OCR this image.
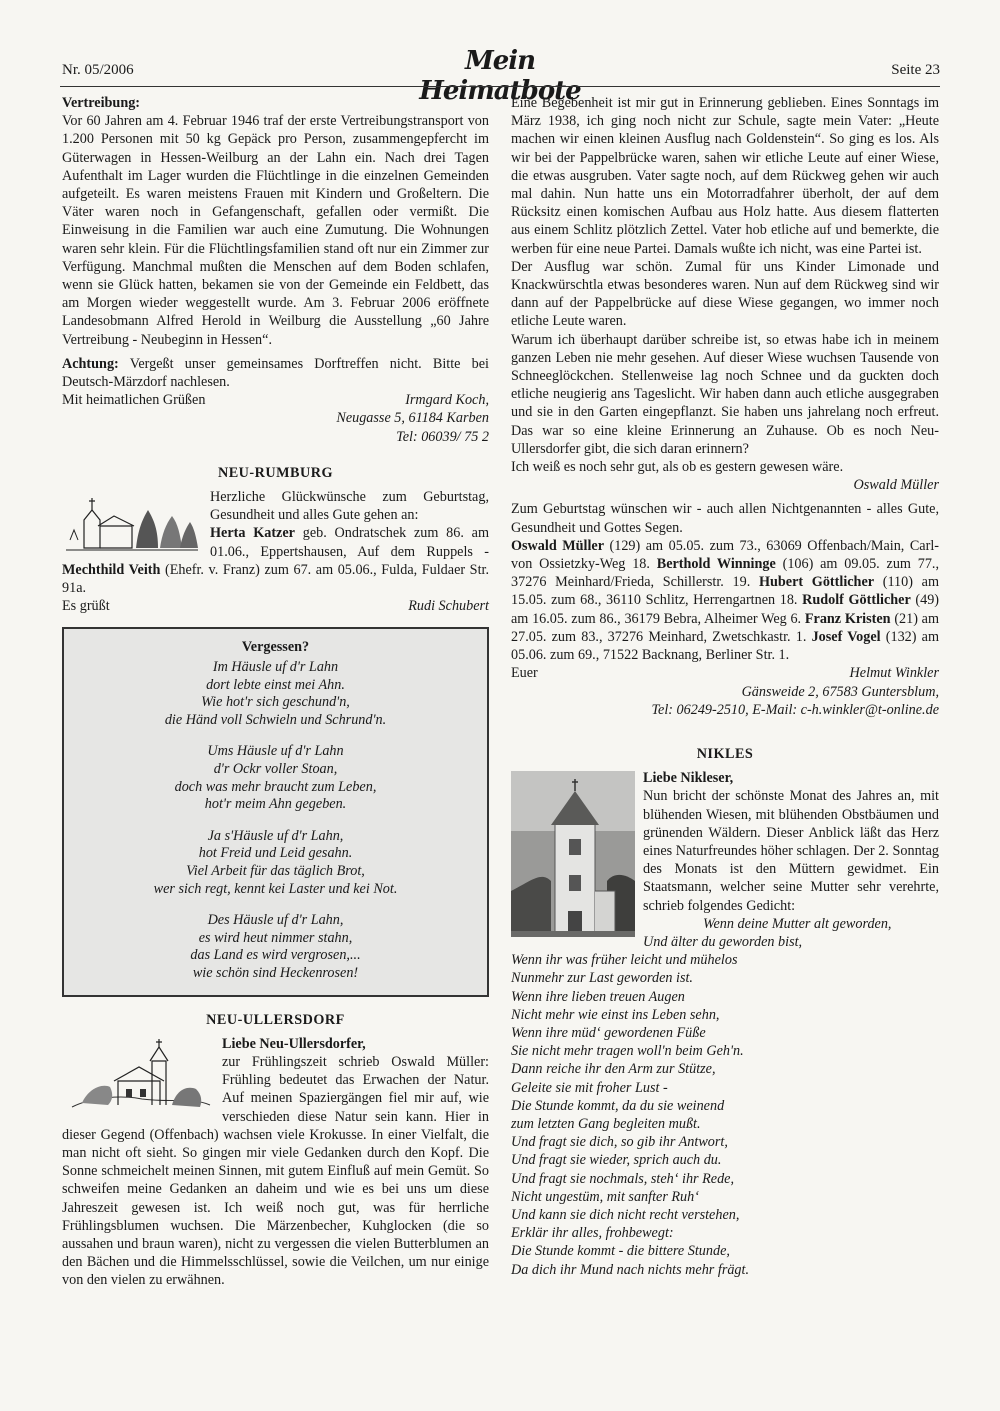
Nr. 05/2006	Mein Heimatbote
Seite 23

Vertreibung:
Vor 60 Jahren am 4. Februar 1946 traf der erste Vertreibungstransport von 1.200 Personen mit 50 kg Gepäck pro Person, zusammengepfercht im Güterwagen in Hessen-Weilburg an der Lahn ein. Nach drei Tagen Aufenthalt im Lager wurden die Flüchtlinge in die einzelnen Gemeinden aufgeteilt. Es waren meistens Frauen mit Kindern und Großeltern. Die Väter waren noch in Gefangenschaft, gefallen oder vermißt. Die Einweisung in die Familien war auch eine Zumutung. Die Wohnungen waren sehr klein. Für die Flüchtlingsfamilien stand oft nur ein Zimmer zur Verfügung. Manchmal mußten die Menschen auf dem Boden schlafen, wenn sie Glück hatten, bekamen sie von der Gemeinde ein Feldbett, das am Morgen wieder weggestellt wurde. Am 3. Februar 2006 eröffnete Landesobmann Alfred Herold in Weilburg die Ausstellung „60 Jahre Vertreibung - Neubeginn in Hessen“.

Achtung: Vergeßt unser gemeinsames Dorftreffen nicht. Bitte bei Deutsch-Märzdorf nachlesen.

Mit heimatlichen Grüßen	Irmgard Koch,
Neugasse 5, 61184 Karben
Tel: 06039/ 75 2
NEU-RUMBURG

Herzliche Glückwünsche zum Geburtstag, Gesundheit und alles Gute gehen an:

Herta Katzer geb. Ondratschek zum 86. am 01.06., Eppertshausen, Auf dem Ruppels - Mechthild Veith (Ehefr. v. Franz) zum 67. am 05.06., Fulda, Fuldaer Str. 91a.

Es grüßt	Rudi Schubert
Vergessen?
Im Häusle uf d'r Lahn
dort lebte einst mei Ahn.
Wie hot'r sich geschund'n,
die Händ voll Schwieln und Schrund'n.
Ums Häusle uf d'r Lahn
d'r Ockr voller Stoan,
doch was mehr braucht zum Leben,
hot'r meim Ahn gegeben.
Ja s'Häusle uf d'r Lahn,
hot Freid und Leid gesahn.
Viel Arbeit für das täglich Brot,
wer sich regt, kennt kei Laster und kei Not.
Des Häusle uf d'r Lahn,
es wird heut nimmer stahn,
das Land es wird vergrosen,...
wie schön sind Heckenrosen!
NEU-ULLERSDORF

Liebe Neu-Ullersdorfer,

zur Frühlingszeit schrieb Oswald Müller: Frühling bedeutet das Erwachen der Natur. Auf meinen Spaziergängen fiel mir auf, wie verschieden diese Natur sein kann. Hier in dieser Gegend (Offenbach) wachsen viele Krokusse. In einer Vielfalt, die man nicht oft sieht. So gingen mir viele Gedanken durch den Kopf. Die Sonne schmeichelt meinen Sinnen, mit gutem Einfluß auf mein Gemüt. So schweifen meine Gedanken an daheim und wie es bei uns um diese Jahreszeit gewesen ist. Ich weiß noch gut, was für herrliche Frühlingsblumen wuchsen. Die Märzenbecher, Kuhglocken (die so aussahen und braun waren), nicht zu vergessen die vielen Butterblumen an den Bächen und die Himmelsschlüssel, sowie die Veilchen, um nur einige von den vielen zu erwähnen.

Eine Begebenheit ist mir gut in Erinnerung geblieben. Eines Sonntags im März 1938, ich ging noch nicht zur Schule, sagte mein Vater: „Heute machen wir einen kleinen Ausflug nach Goldenstein“. So ging es los. Als wir bei der Pappelbrücke waren, sahen wir etliche Leute auf einer Wiese, die etwas ausgruben. Vater sagte noch, auf dem Rückweg gehen wir auch mal dahin. Nun hatte uns ein Motorradfahrer überholt, der auf dem Rücksitz einen komischen Aufbau aus Holz hatte. Aus diesem flatterten aus einem Schlitz plötzlich Zettel. Vater hob etliche auf und bemerkte, die werben für eine neue Partei. Damals wußte ich nicht, was eine Partei ist.

Der Ausflug war schön. Zumal für uns Kinder Limonade und Knackwürschtla etwas besonderes waren. Nun auf dem Rückweg sind wir dann auf der Pappelbrücke auf diese Wiese gegangen, wo immer noch etliche Leute waren.

Warum ich überhaupt darüber schreibe ist, so etwas habe ich in meinem ganzen Leben nie mehr gesehen. Auf dieser Wiese wuchsen Tausende von Schneeglöckchen. Stellenweise lag noch Schnee und da guckten doch etliche neugierig ans Tageslicht. Wir haben dann auch etliche ausgegraben und sie in den Garten eingepflanzt. Sie haben uns jahrelang noch erfreut. Das war so eine kleine Erinnerung an Zuhause. Ob es noch Neu-Ullersdorfer gibt, die sich daran erinnern?

Ich weiß es noch sehr gut, als ob es gestern gewesen wäre.

Oswald Müller

Zum Geburtstag wünschen wir - auch allen Nichtgenannten - alles Gute, Gesundheit und Gottes Segen.

Oswald Müller (129) am 05.05. zum 73., 63069 Offenbach/Main, Carl-von Ossietzky-Weg 18. Berthold Winninge (106) am 09.05. zum 77., 37276 Meinhard/Frieda, Schillerstr. 19. Hubert Göttlicher (110) am 15.05. zum 68., 36110 Schlitz, Herrengartnen 18. Rudolf Göttlicher (49) am 16.05. zum 86., 36179 Bebra, Alheimer Weg 6. Franz Kristen (21) am 27.05. zum 83., 37276 Meinhard, Zwetschkastr. 1. Josef Vogel (132) am 05.06. zum 69., 71522 Backnang, Berliner Str. 1.

Euer	Helmut Winkler
Gänsweide 2, 67583 Guntersblum,
Tel: 06249-2510, E-Mail: c-h.winkler@t-online.de
NIKLES

Liebe Nikleser,

Nun bricht der schönste Monat des Jahres an, mit blühenden Wiesen, mit blühenden Obstbäumen und grünenden Wäldern. Dieser Anblick läßt das Herz eines Naturfreundes höher schlagen. Der 2. Sonntag des Monats ist den Müttern gewidmet. Ein Staatsmann, welcher seine Mutter sehr verehrte, schrieb folgendes Gedicht:

Wenn deine Mutter alt geworden,
Und älter du geworden bist,
Wenn ihr was früher leicht und mühelos
Nunmehr zur Last geworden ist.
Wenn ihre lieben treuen Augen
Nicht mehr wie einst ins Leben sehn,
Wenn ihre müd‘ gewordenen Füße
Sie nicht mehr tragen woll'n beim Geh'n.
Dann reiche ihr den Arm zur Stütze,
Geleite sie mit froher Lust -
Die Stunde kommt, da du sie weinend
zum letzten Gang begleiten mußt.
Und fragt sie dich, so gib ihr Antwort,
Und fragt sie wieder, sprich auch du.
Und fragt sie nochmals, steh‘ ihr Rede,
Nicht ungestüm, mit sanfter Ruh‘
Und kann sie dich nicht recht verstehen,
Erklär ihr alles, frohbewegt:
Die Stunde kommt - die bittere Stunde,
Da dich ihr Mund nach nichts mehr frägt.
